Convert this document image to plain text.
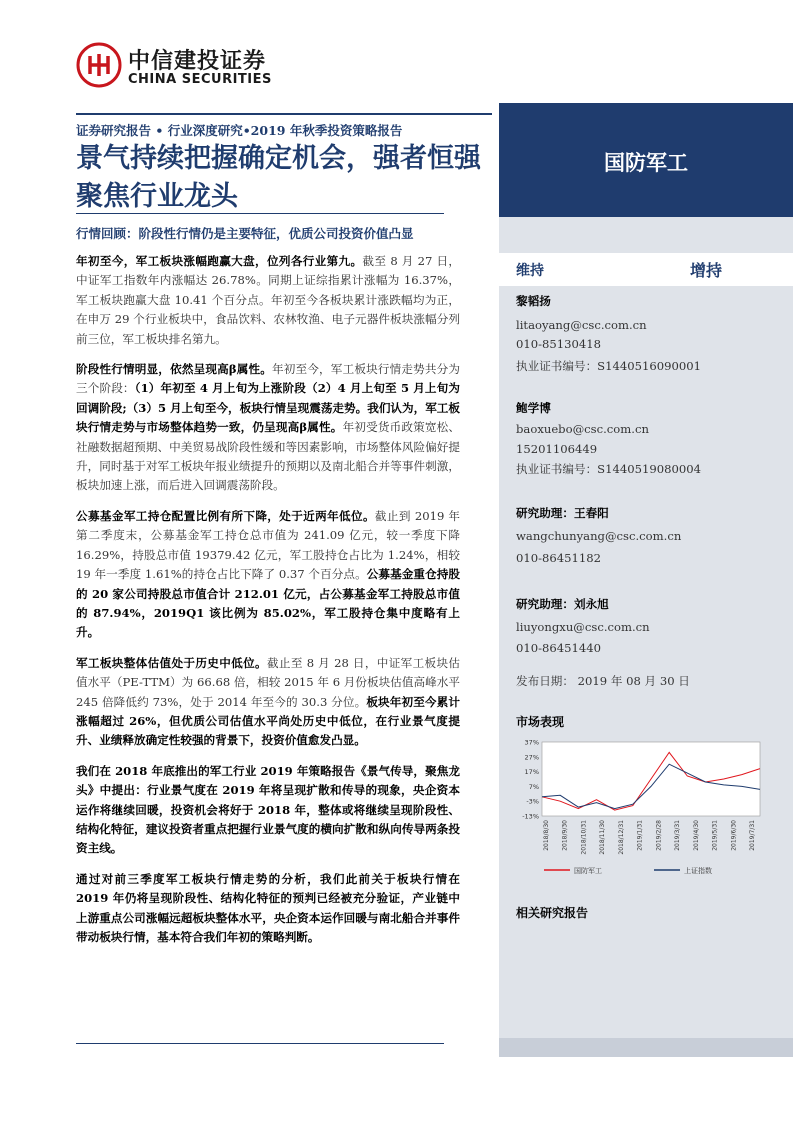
中信建投证券
CHINA SECURITIES
证券研究报告 • 行业深度研究•2019 年秋季投资策略报告
景气持续把握确定机会，强者恒强聚焦行业龙头
行情回顾：阶段性行情仍是主要特征，优质公司投资价值凸显

年初至今，军工板块涨幅跑赢大盘，位列各行业第九。截至 8 月 27 日，中证军工指数年内涨幅达 26.78%。同期上证综指累计涨幅为 16.37%，军工板块跑赢大盘 10.41 个百分点。年初至今各板块累计涨跌幅均为正，在申万 29 个行业板块中，食品饮料、农林牧渔、电子元器件板块涨幅分列前三位，军工板块排名第九。

阶段性行情明显，依然呈现高β属性。年初至今，军工板块行情走势共分为三个阶段：（1）年初至 4 月上旬为上涨阶段（2）4 月上旬至 5 月上旬为回调阶段;（3）5 月上旬至今，板块行情呈现震荡走势。我们认为，军工板块行情走势与市场整体趋势一致，仍呈现高β属性。年初受货币政策宽松、社融数据超预期、中美贸易战阶段性缓和等因素影响，市场整体风险偏好提升，同时基于对军工板块年报业绩提升的预期以及南北船合并等事件刺激，板块加速上涨，而后进入回调震荡阶段。

公募基金军工持仓配置比例有所下降，处于近两年低位。截止到 2019 年第二季度末，公募基金军工持仓总市值为 241.09 亿元，较一季度下降 16.29%，持股总市值 19379.42 亿元，军工股持仓占比为 1.24%，相较 19 年一季度 1.61%的持仓占比下降了 0.37 个百分点。公募基金重仓持股的 20 家公司持股总市值合计 212.01 亿元，占公募基金军工持股总市值的 87.94%，2019Q1 该比例为 85.02%，军工股持仓集中度略有上升。

军工板块整体估值处于历史中低位。截止至 8 月 28 日，中证军工板块估值水平（PE-TTM）为 66.68 倍，相较 2015 年 6 月份板块估值高峰水平 245 倍降低约 73%，处于 2014 年至今的 30.3 分位。板块年初至今累计涨幅超过 26%，但优质公司估值水平尚处历史中低位，在行业景气度提升、业绩释放确定性较强的背景下，投资价值愈发凸显。

我们在 2018 年底推出的军工行业 2019 年策略报告《景气传导，聚焦龙头》中提出：行业景气度在 2019 年将呈现扩散和传导的现象，央企资本运作将继续回暖，投资机会将好于 2018 年，整体或将继续呈现阶段性、结构化特征，建议投资者重点把握行业景气度的横向扩散和纵向传导两条投资主线。

通过对前三季度军工板块行情走势的分析，我们此前关于板块行情在 2019 年仍将呈现阶段性、结构化特征的预判已经被充分验证，产业链中上游重点公司涨幅远超板块整体水平，央企资本运作回暖与南北船合并事件带动板块行情，基本符合我们年初的策略判断。

国防军工
维持	增持
黎韬扬
litaoyang@csc.com.cn
010-85130418
执业证书编号：S1440516090001
鲍学博
baoxuebo@csc.com.cn
15201106449
执业证书编号：S1440519080004
研究助理：王春阳
wangchunyang@csc.com.cn
010-86451182
研究助理：刘永旭
liuyongxu@csc.com.cn
010-86451440
发布日期： 2019 年 08 月 30 日
市场表现
37%
27%
17%
7%
-3%
-13%
2018/8/30 2018/9/30 2018/10/31 2018/11/30 2018/12/31 2019/1/31 2019/2/28 2019/3/31 2019/4/30 2019/5/31 2019/6/30 2019/7/31
国防军工	上证指数
相关研究报告
